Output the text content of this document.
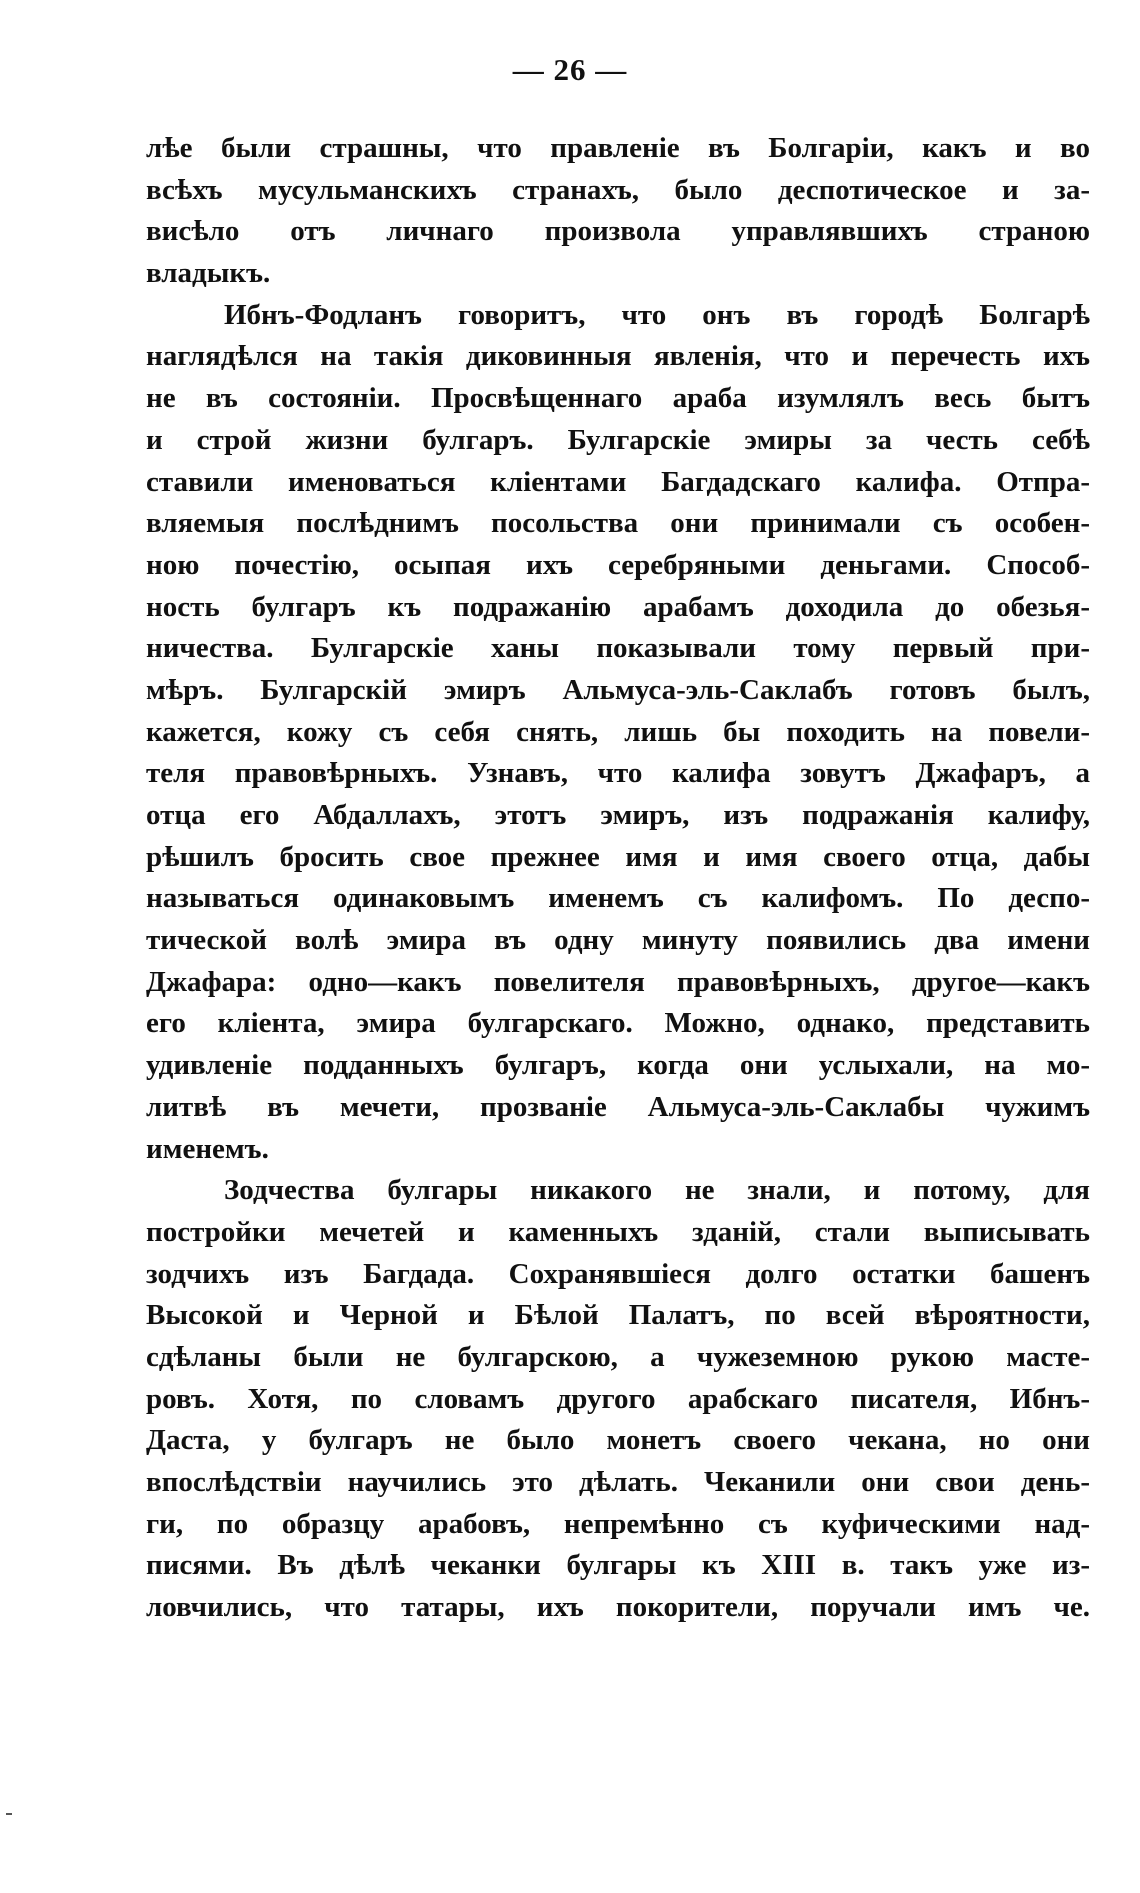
— 26 —
лѣе были страшны, что правленіе въ Болгаріи, какъ и во
всѣхъ мусульманскихъ странахъ, было деспотическое и за-
висѣло отъ личнаго произвола управлявшихъ страною
владыкъ.
Ибнъ-Фодланъ говоритъ, что онъ въ городѣ Болгарѣ
наглядѣлся на такія диковинныя явленія, что и перечесть ихъ
не въ состояніи. Просвѣщеннаго араба изумлялъ весь бытъ
и строй жизни булгаръ. Булгарскіе эмиры за честь себѣ
ставили именоваться кліентами Багдадскаго калифа. Отпра-
вляемыя послѣднимъ посольства они принимали съ особен-
ною почестію, осыпая ихъ серебряными деньгами. Способ-
ность булгаръ къ подражанію арабамъ доходила до обезья-
ничества. Булгарскіе ханы показывали тому первый при-
мѣръ. Булгарскій эмиръ Альмуса-эль-Саклабъ готовъ былъ,
кажется, кожу съ себя снять, лишь бы походить на повели-
теля правовѣрныхъ. Узнавъ, что калифа зовутъ Джафаръ, а
отца его Абдаллахъ, этотъ эмиръ, изъ подражанія калифу,
рѣшилъ бросить свое прежнее имя и имя своего отца, дабы
называться одинаковымъ именемъ съ калифомъ. По деспо-
тической волѣ эмира въ одну минуту появились два имени
Джафара: одно—какъ повелителя правовѣрныхъ, другое—какъ
его кліента, эмира булгарскаго. Можно, однако, представить
удивленіе подданныхъ булгаръ, когда они услыхали, на мо-
литвѣ въ мечети, прозваніе Альмуса-эль-Саклабы чужимъ
именемъ.
Зодчества булгары никакого не знали, и потому, для
постройки мечетей и каменныхъ зданій, стали выписывать
зодчихъ изъ Багдада. Сохранявшіеся долго остатки башенъ
Высокой и Черной и Бѣлой Палатъ, по всей вѣроятности,
сдѣланы были не булгарскою, а чужеземною рукою масте-
ровъ. Хотя, по словамъ другого арабскаго писателя, Ибнъ-
Даста, у булгаръ не было монетъ своего чекана, но они
впослѣдствіи научились это дѣлать. Чеканили они свои день-
ги, по образцу арабовъ, непремѣнно съ куфическими над-
писями. Въ дѣлѣ чеканки булгары къ XIII в. такъ уже из-
ловчились, что татары, ихъ покорители, поручали имъ че.
